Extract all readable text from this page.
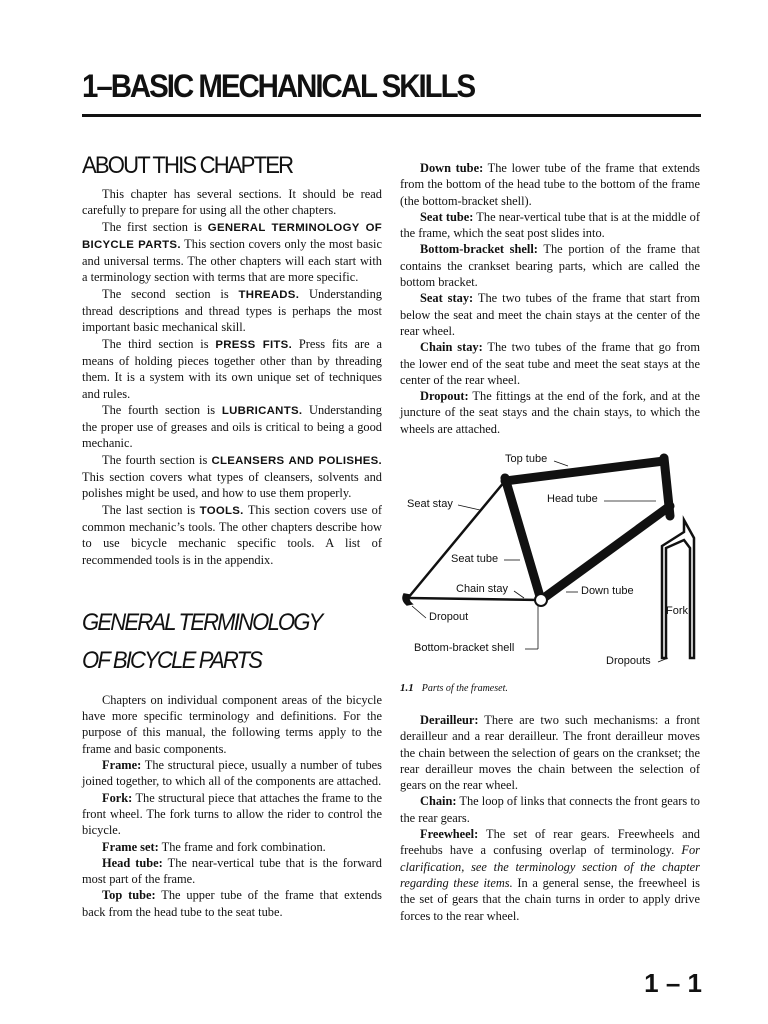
1–BASIC MECHANICAL SKILLS
ABOUT THIS CHAPTER

This chapter has several sections. It should be read carefully to prepare for using all the other chapters.

The first section is GENERAL TERMINOLOGY OF BICYCLE PARTS. This section covers only the most basic and universal terms. The other chapters will each start with a terminology section with terms that are more specific.

The second section is THREADS. Understanding thread descriptions and thread types is perhaps the most important basic mechanical skill.

The third section is PRESS FITS. Press fits are a means of holding pieces together other than by threading them. It is a system with its own unique set of techniques and rules.

The fourth section is LUBRICANTS. Understanding the proper use of greases and oils is critical to being a good mechanic.

The fourth section is CLEANSERS AND POLISHES. This section covers what types of cleansers, solvents and polishes might be used, and how to use them properly.

The last section is TOOLS. This section covers use of common mechanic’s tools. The other chapters describe how to use bicycle mechanic specific tools. A list of recommended tools is in the appendix.

GENERAL TERMINOLOGY
OF BICYCLE PARTS

Chapters on individual component areas of the bicycle have more specific terminology and definitions. For the purpose of this manual, the following terms apply to the frame and basic components.

Frame: The structural piece, usually a number of tubes joined together, to which all of the components are attached.

Fork: The structural piece that attaches the frame to the front wheel. The fork turns to allow the rider to control the bicycle.

Frame set: The frame and fork combination.

Head tube: The near-vertical tube that is the forward most part of the frame.

Top tube: The upper tube of the frame that extends back from the head tube to the seat tube.

Down tube: The lower tube of the frame that extends from the bottom of the head tube to the bottom of the frame (the bottom-bracket shell).

Seat tube: The near-vertical tube that is at the middle of the frame, which the seat post slides into.

Bottom-bracket shell: The portion of the frame that contains the crankset bearing parts, which are called the bottom bracket.

Seat stay: The two tubes of the frame that start from below the seat and meet the chain stays at the center of the rear wheel.

Chain stay: The two tubes of the frame that go from the lower end of the seat tube and meet the seat stays at the center of the rear wheel.

Dropout: The fittings at the end of the fork, and at the juncture of the seat stays and the chain stays, to which the wheels are attached.

Top tube
Head tube
Seat stay
Seat tube
Chain stay	Down tube
Fork
Dropout
Bottom-bracket shell
Dropouts
1.1 Parts of the frameset.

Derailleur: There are two such mechanisms: a front derailleur and a rear derailleur. The front derailleur moves the chain between the selection of gears on the crankset; the rear derailleur moves the chain between the selection of gears on the rear wheel.

Chain: The loop of links that connects the front gears to the rear gears.

Freewheel: The set of rear gears. Freewheels and freehubs have a confusing overlap of terminology. For clarification, see the terminology section of the chapter regarding these items. In a general sense, the freewheel is the set of gears that the chain turns in order to apply drive forces to the rear wheel.

1 – 1
